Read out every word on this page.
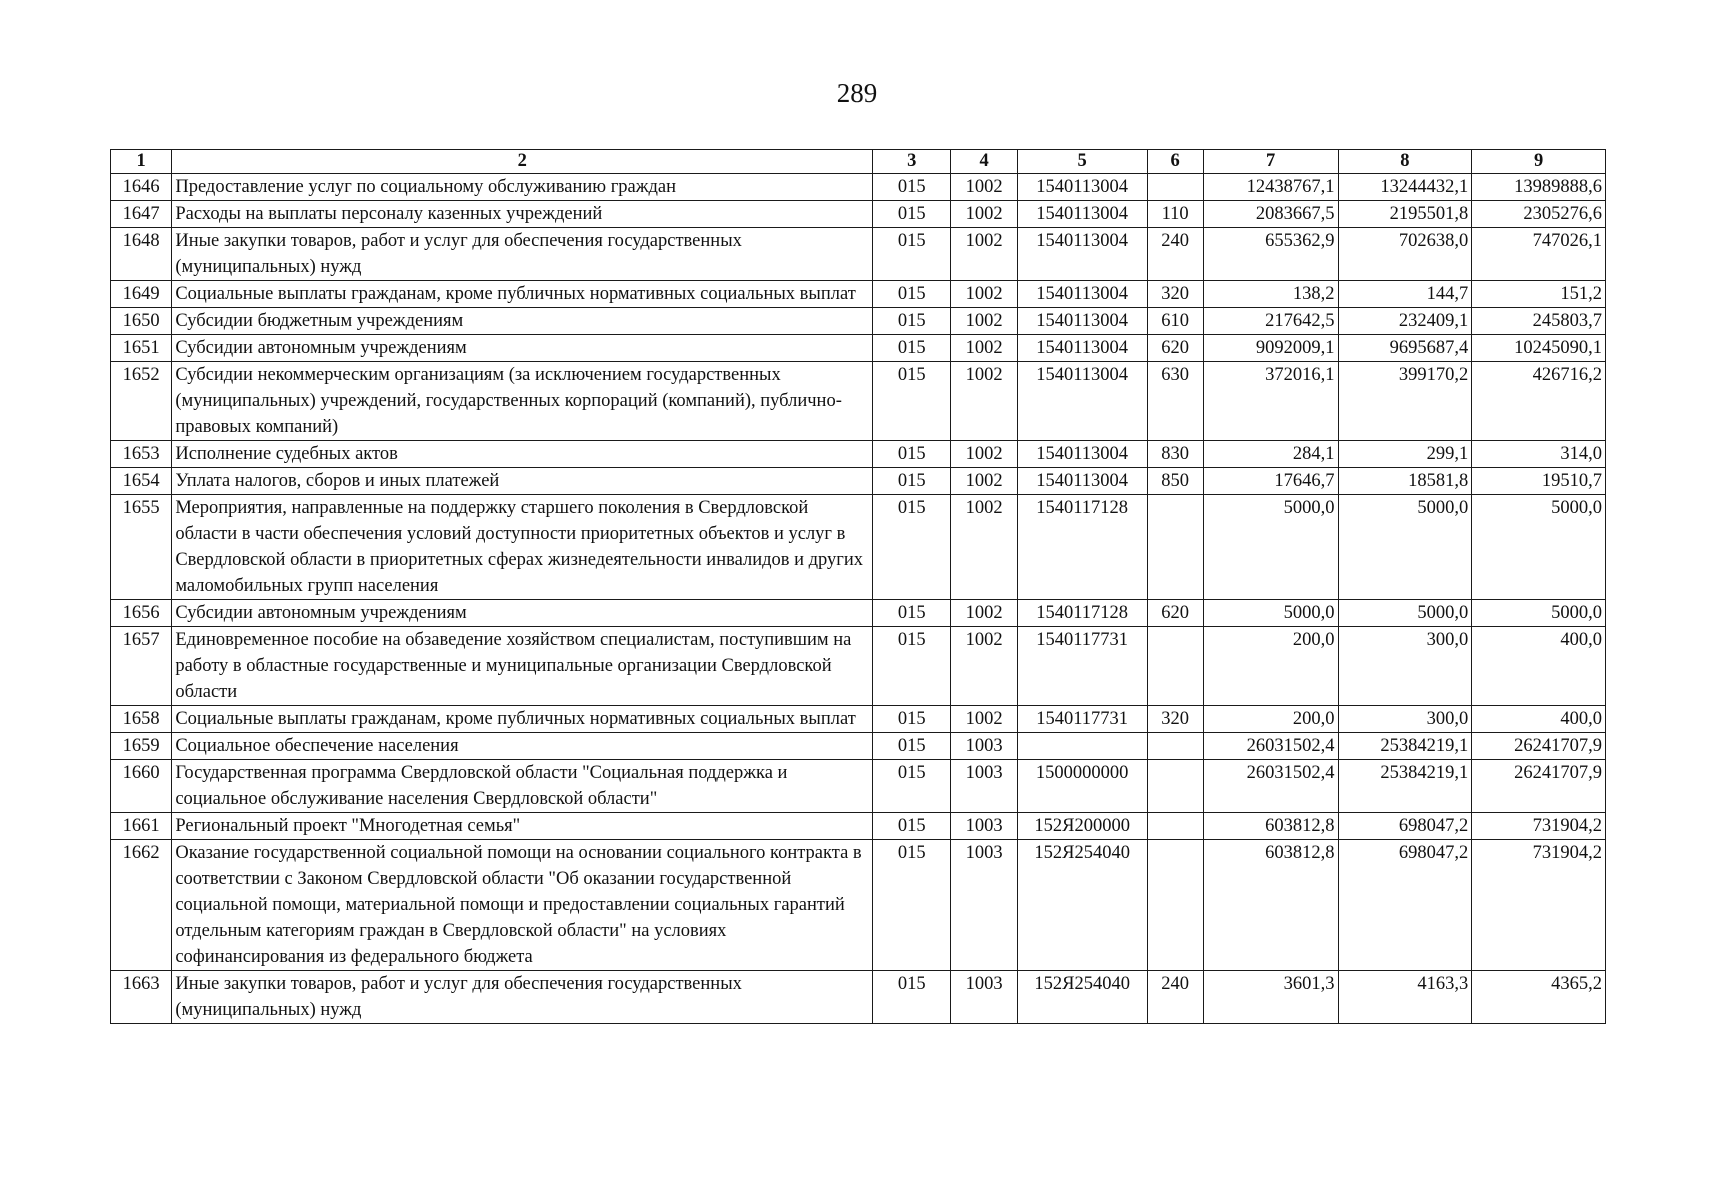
289
1	2	3	4	5	6	7	8	9
1646	Предоставление услуг по социальному обслуживанию граждан	015	1002	1540113004		12438767,1	13244432,1	13989888,6
1647	Расходы на выплаты персоналу казенных учреждений	015	1002	1540113004	110	2083667,5	2195501,8	2305276,6
1648	Иные закупки товаров, работ и услуг для обеспечения государственных (муниципальных) нужд	015	1002	1540113004	240	655362,9	702638,0	747026,1
1649	Социальные выплаты гражданам, кроме публичных нормативных социальных выплат	015	1002	1540113004	320	138,2	144,7	151,2
1650	Субсидии бюджетным учреждениям	015	1002	1540113004	610	217642,5	232409,1	245803,7
1651	Субсидии автономным учреждениям	015	1002	1540113004	620	9092009,1	9695687,4	10245090,1
1652	Субсидии некоммерческим организациям (за исключением государственных (муниципальных) учреждений, государственных корпораций (компаний), публично-правовых компаний)	015	1002	1540113004	630	372016,1	399170,2	426716,2
1653	Исполнение судебных актов	015	1002	1540113004	830	284,1	299,1	314,0
1654	Уплата налогов, сборов и иных платежей	015	1002	1540113004	850	17646,7	18581,8	19510,7
1655	Мероприятия, направленные на поддержку старшего поколения в Свердловской области в части обеспечения условий доступности приоритетных объектов и услуг в Свердловской области в приоритетных сферах жизнедеятельности инвалидов и других маломобильных групп населения	015	1002	1540117128		5000,0	5000,0	5000,0
1656	Субсидии автономным учреждениям	015	1002	1540117128	620	5000,0	5000,0	5000,0
1657	Единовременное пособие на обзаведение хозяйством специалистам, поступившим на работу в областные государственные и муниципальные организации Свердловской области	015	1002	1540117731		200,0	300,0	400,0
1658	Социальные выплаты гражданам, кроме публичных нормативных социальных выплат	015	1002	1540117731	320	200,0	300,0	400,0
1659	Социальное обеспечение населения	015	1003			26031502,4	25384219,1	26241707,9
1660	Государственная программа Свердловской области "Социальная поддержка и социальное обслуживание населения Свердловской области"	015	1003	1500000000		26031502,4	25384219,1	26241707,9
1661	Региональный проект "Многодетная семья"	015	1003	152Я200000		603812,8	698047,2	731904,2
1662	Оказание государственной социальной помощи на основании социального контракта в соответствии с Законом Свердловской области "Об оказании государственной социальной помощи, материальной помощи и предоставлении социальных гарантий отдельным категориям граждан в Свердловской области" на условиях софинансирования из федерального бюджета	015	1003	152Я254040		603812,8	698047,2	731904,2
1663	Иные закупки товаров, работ и услуг для обеспечения государственных (муниципальных) нужд	015	1003	152Я254040	240	3601,3	4163,3	4365,2
